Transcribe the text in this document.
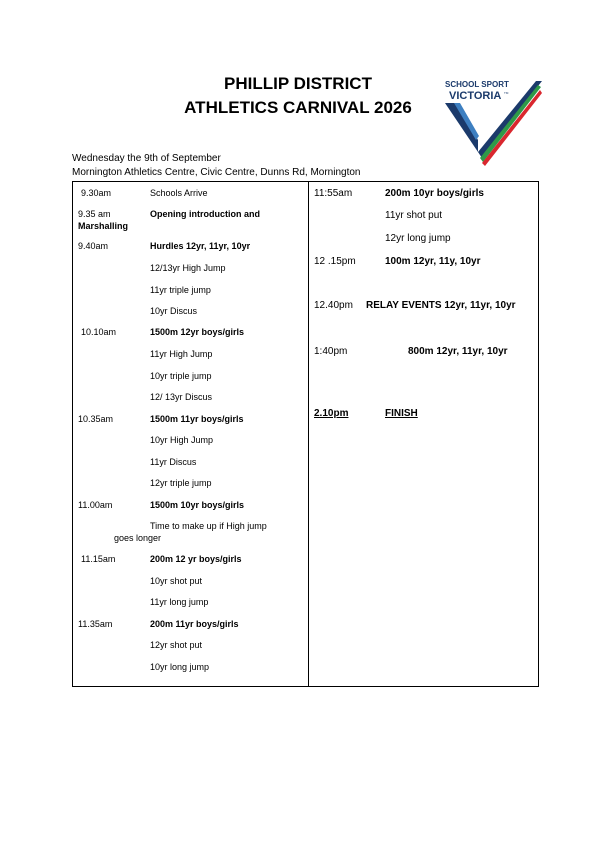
PHILLIP DISTRICT
ATHLETICS CARNIVAL 2026
SCHOOL SPORT
VICTORIA TM
Wednesday the 9th of September
Mornington Athletics Centre, Civic Centre, Dunns Rd, Mornington
9.30am	Schools Arrive
9.35 am	Opening introduction and
Marshalling
9.40am	Hurdles 12yr, 11yr, 10yr
12/13yr High Jump
11yr triple jump
10yr Discus
10.10am	1500m 12yr boys/girls
11yr High Jump
10yr triple jump
12/ 13yr Discus
10.35am	1500m 11yr boys/girls
10yr High Jump
11yr Discus
12yr triple jump
11.00am	1500m 10yr boys/girls
Time to make up if High jump
goes longer
11.15am	200m 12 yr boys/girls
10yr shot put
11yr long jump
11.35am	200m 11yr boys/girls
12yr shot put
10yr long jump
11:55am	200m 10yr boys/girls
11yr shot put
12yr long jump
12 .15pm	100m 12yr, 11y, 10yr
12.40pm RELAY EVENTS 12yr, 11yr, 10yr
1:40pm	800m 12yr, 11yr, 10yr
2.10pm	FINISH
